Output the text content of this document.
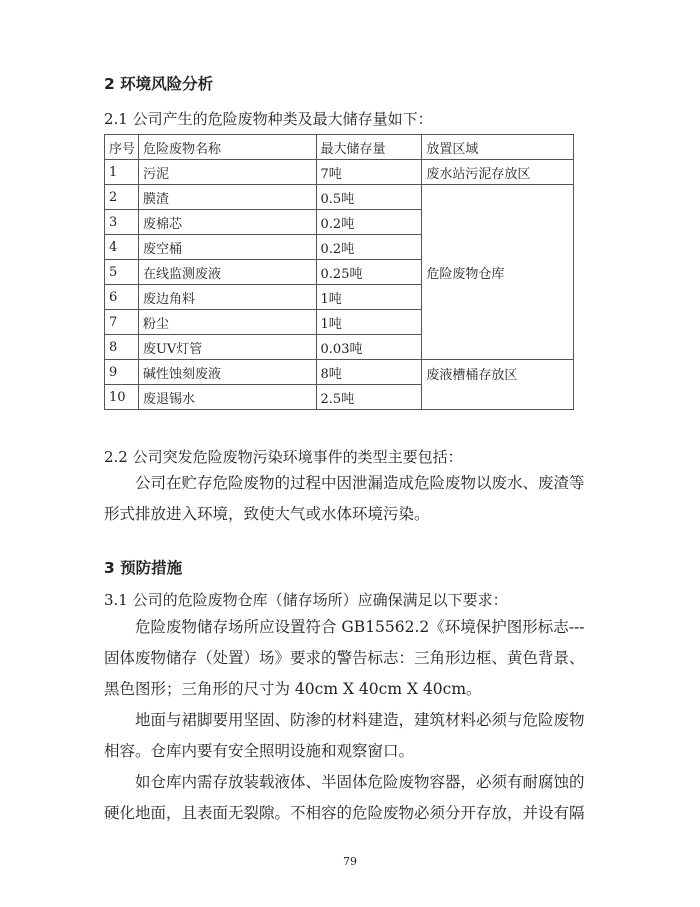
2 环境风险分析
2.1 公司产生的危险废物种类及最大储存量如下：
序号	危险废物名称	最大储存量	放置区域
1	污泥	7吨	废水站污泥存放区
2	膜渣	0.5吨	危险废物仓库
3	废棉芯	0.2吨	
4	废空桶	0.2吨	
5	在线监测废液	0.25吨	
6	废边角料	1吨	
7	粉尘	1吨	
8	废UV灯管	0.03吨	
9	碱性蚀刻废液	8吨	废液槽桶存放区
10	废退锡水	2.5吨	
2.2 公司突发危险废物污染环境事件的类型主要包括：

公司在贮存危险废物的过程中因泄漏造成危险废物以废水、废渣等形式排放进入环境，致使大气或水体环境污染。

3 预防措施
3.1 公司的危险废物仓库（储存场所）应确保满足以下要求：

危险废物储存场所应设置符合 GB15562.2《环境保护图形标志---固体废物储存（处置）场》要求的警告标志：三角形边框、黄色背景、黑色图形；三角形的尺寸为 40cm X 40cm X 40cm。

地面与裙脚要用坚固、防渗的材料建造，建筑材料必须与危险废物相容。仓库内要有安全照明设施和观察窗口。

如仓库内需存放装载液体、半固体危险废物容器，必须有耐腐蚀的硬化地面，且表面无裂隙。不相容的危险废物必须分开存放，并设有隔

79
